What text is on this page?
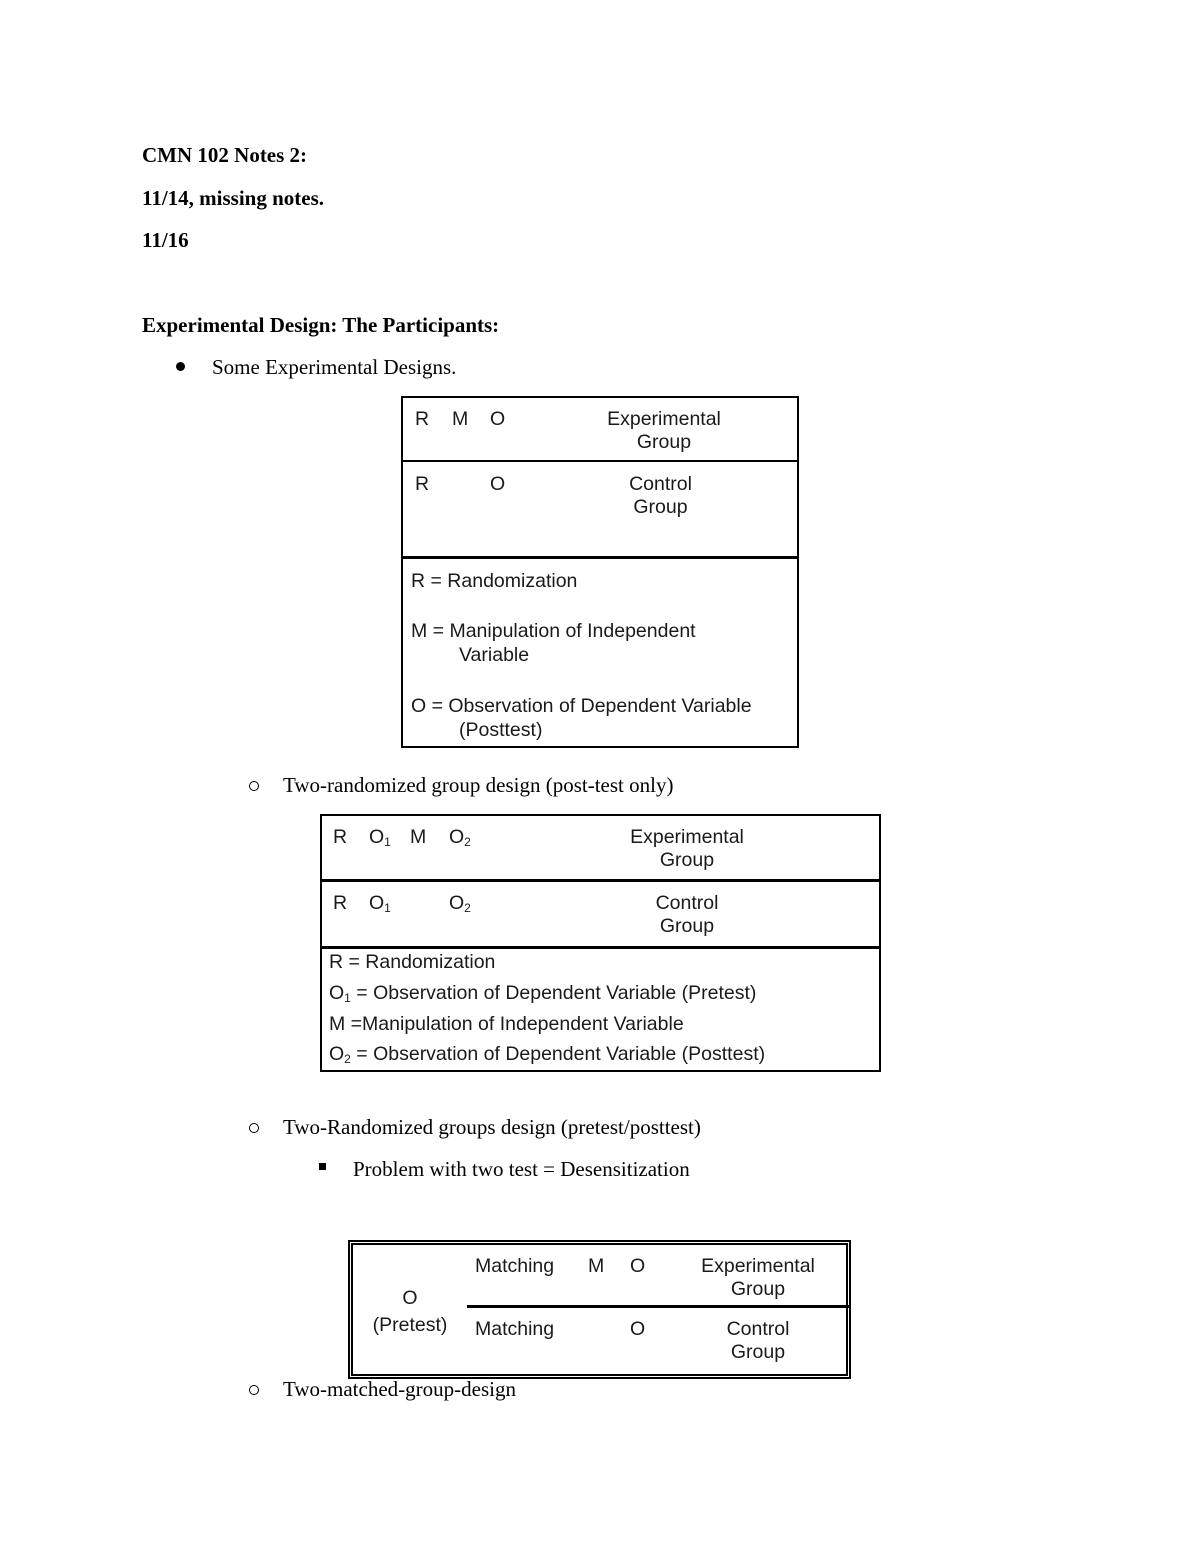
CMN 102 Notes 2:
11/14, missing notes.
11/16
Experimental Design: The Participants:
Some Experimental Designs.
R M O	Experimental
Group
R	O	Control
Group
R = Randomization
M = Manipulation of Independent
Variable
O = Observation of Dependent Variable
(Posttest)
Two-randomized group design (post-test only)
R $O_1$ M $O_2$	Experimental
Group
R $O_1$	$O_2$	Control
Group
R = Randomization
$O_1$ = Observation of Dependent Variable (Pretest)
M =Manipulation of Independent Variable
$O_2$ = Observation of Dependent Variable (Posttest)
Two-Randomized groups design (pretest/posttest)
Problem with two test = Desensitization
O
(Pretest)
Matching M O	Experimental
Group
Matching	O	Control
Group
Two-matched-group-design
